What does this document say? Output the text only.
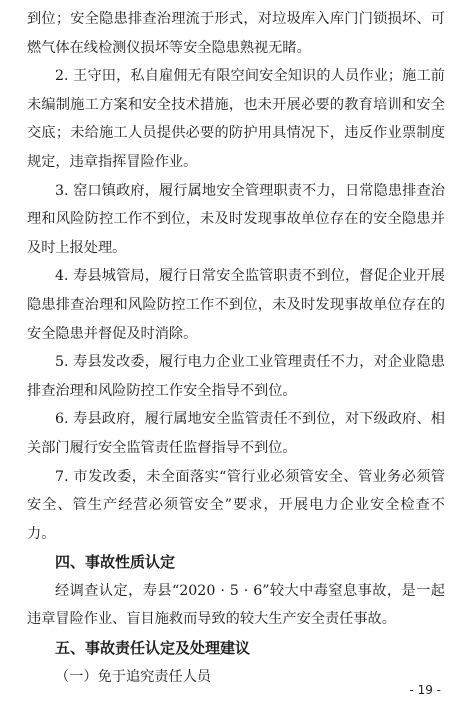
到位；安全隐患排查治理流于形式，对垃圾库入库门门锁损坏、可燃气体在线检测仪损坏等安全隐患熟视无睹。

2. 王守田，私自雇佣无有限空间安全知识的人员作业；施工前未编制施工方案和安全技术措施，也未开展必要的教育培训和安全交底；未给施工人员提供必要的防护用具情况下，违反作业票制度规定，违章指挥冒险作业。

3. 窑口镇政府，履行属地安全管理职责不力，日常隐患排查治理和风险防控工作不到位，未及时发现事故单位存在的安全隐患并及时上报处理。

4. 寿县城管局，履行日常安全监管职责不到位，督促企业开展隐患排查治理和风险防控工作不到位，未及时发现事故单位存在的安全隐患并督促及时消除。

5. 寿县发改委，履行电力企业工业管理责任不力，对企业隐患排查治理和风险防控工作安全指导不到位。

6. 寿县政府，履行属地安全监管责任不到位，对下级政府、相关部门履行安全监管责任监督指导不到位。

7. 市发改委，未全面落实“管行业必须管安全、管业务必须管安全、管生产经营必须管安全”要求，开展电力企业安全检查不力。

四、事故性质认定

经调查认定，寿县“2020 · 5 · 6”较大中毒窒息事故，是一起违章冒险作业、盲目施救而导致的较大生产安全责任事故。

五、事故责任认定及处理建议

（一）免于追究责任人员

- 19 -
